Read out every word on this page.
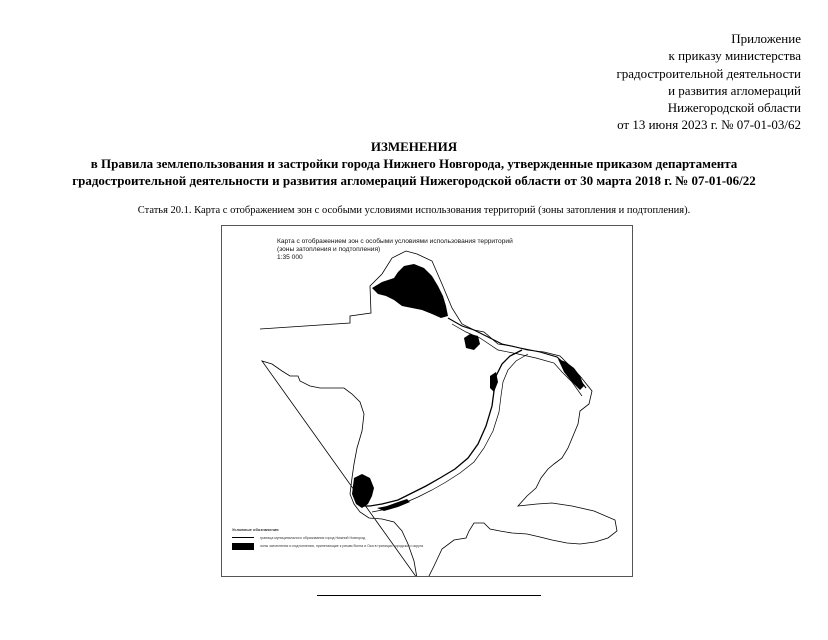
Приложение
к приказу министерства
градостроительной деятельности
и развития агломераций
Нижегородской области
от 13 июня 2023 г. № 07-01-03/62
ИЗМЕНЕНИЯ
в Правила землепользования и застройки города Нижнего Новгорода, утвержденные приказом департамента
градостроительной деятельности и развития агломераций Нижегородской области от 30 марта 2018 г. № 07-01-06/22
Статья 20.1. Карта с отображением зон с особыми условиями использования территорий (зоны затопления и подтопления).
Карта с отображением зон с особыми условиями использования территорий
(зоны затопления и подтопления)
1:35 000
Условные обозначения
граница муниципального образования город Нижний Новгород
зоны затопления и подтопления, прилегающие к рекам Волга и Ока в границах городского округа
